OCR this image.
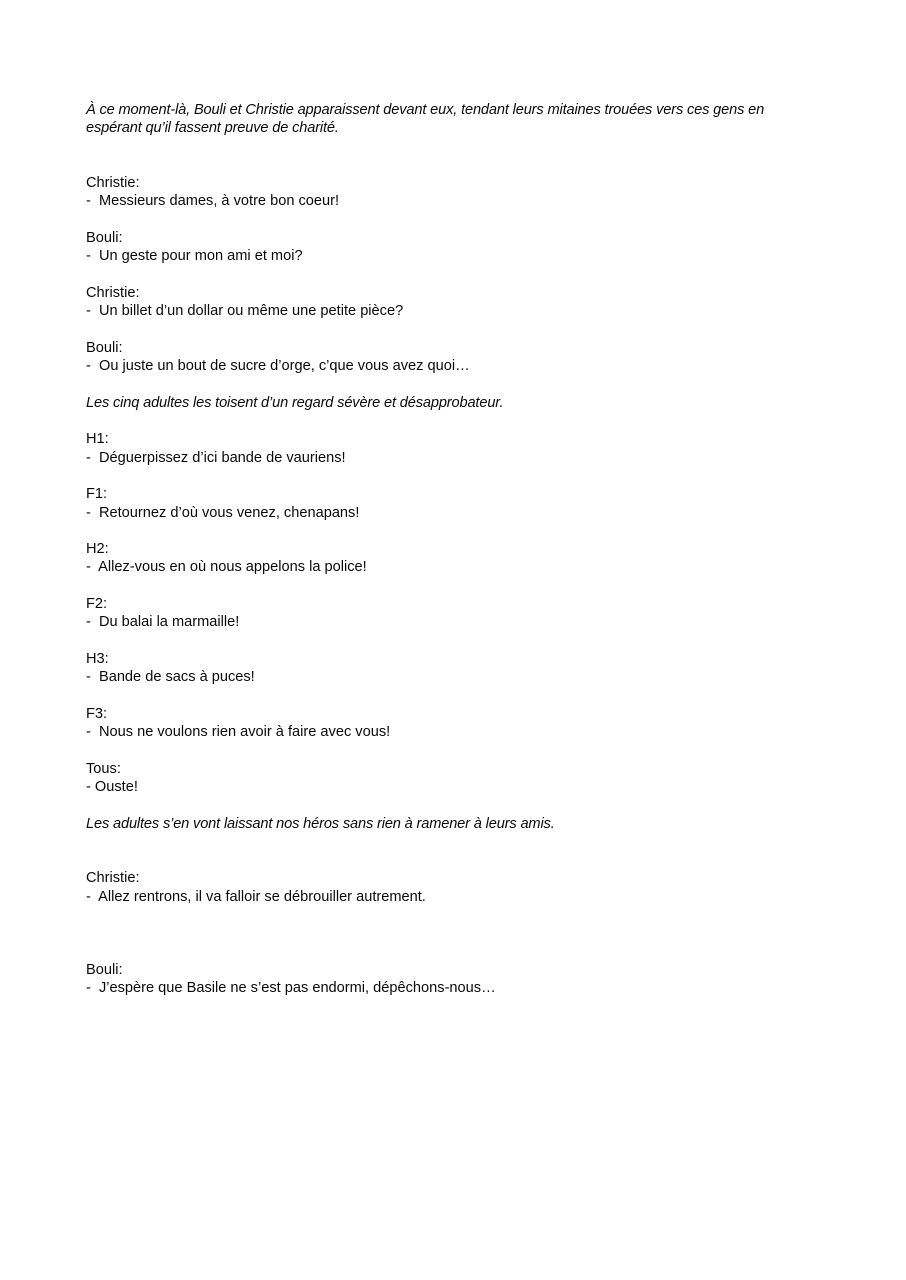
À ce moment-là, Bouli et Christie apparaissent devant eux, tendant leurs mitaines trouées vers ces gens en espérant qu’il fassent preuve de charité.

Christie:

-  Messieurs dames, à votre bon coeur!

Bouli:

-  Un geste pour mon ami et moi?

Christie:

-  Un billet d’un dollar ou même une petite pièce?

Bouli:

-  Ou juste un bout de sucre d’orge, c’que vous avez quoi…

Les cinq adultes les toisent d’un regard sévère et désapprobateur.

H1:

-  Déguerpissez d’ici bande de vauriens!

F1:

-  Retournez d’où vous venez, chenapans!

H2:

-  Allez-vous en où nous appelons la police!

F2:

-  Du balai la marmaille!

H3:

-  Bande de sacs à puces!

F3:

-  Nous ne voulons rien avoir à faire avec vous!

Tous:

- Ouste!

Les adultes s’en vont laissant nos héros sans rien à ramener à leurs amis.

Christie:

-  Allez rentrons, il va falloir se débrouiller autrement.

Bouli:

-  J’espère que Basile ne s’est pas endormi, dépêchons-nous…
